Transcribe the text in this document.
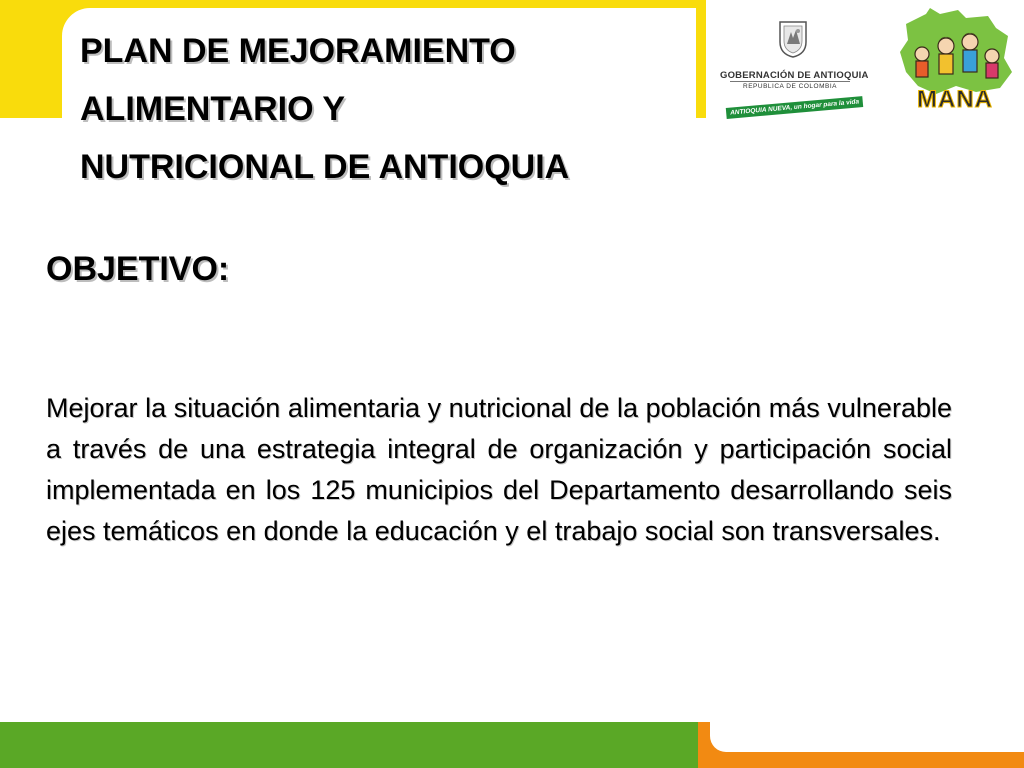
PLAN DE MEJORAMIENTO
ALIMENTARIO Y
NUTRICIONAL DE ANTIOQUIA
GOBERNACIÓN DE ANTIOQUIA
REPUBLICA DE COLOMBIA
ANTIOQUIA NUEVA, un hogar para la vida	MANA
OBJETIVO:

Mejorar la situación alimentaria y nutricional de la población más vulnerable a través de una estrategia integral de organización y participación social implementada en los 125 municipios del Departamento desarrollando seis ejes temáticos en donde la educación y el trabajo social son transversales.
